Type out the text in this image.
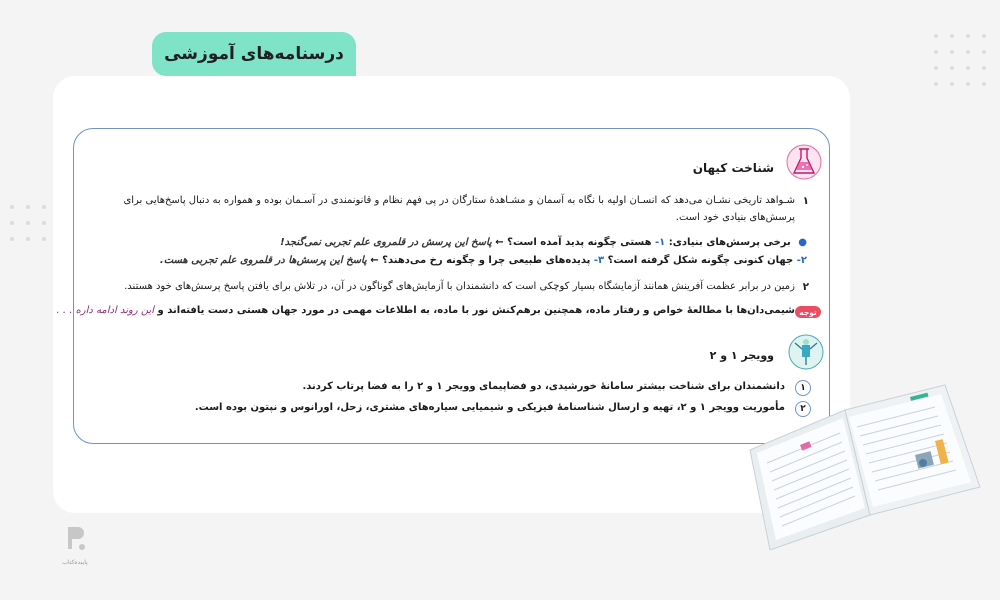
درسنامه‌های آموزشی
شناخت کیهان
۱
شـواهد تاریخی نشـان می‌دهد که انسـان اولیه با نگاه به آسمان و مشـاهدهٔ ستارگان در پی فهم نظام و قانونمندی در آسـمان بوده و همواره به دنبال پاسخ‌هایی برای
پرسش‌های بنیادی خود است.
● برخی پرسش‌های بنیادی: ۱- هستی چگونه پدید آمده است؟ ← پاسخ این پرسش در قلمروی علم تجربی نمی‌گنجد!
۲- جهان کنونی چگونه شکل گرفته است؟ ۳- پدیده‌های طبیعی چرا و چگونه رخ می‌دهند؟ ← پاسخ این پرسش‌ها در قلمروی علم تجربی هست.
۲
زمین در برابر عظمت آفرینش همانند آزمایشگاه بسیار کوچکی است که دانشمندان با آزمایش‌های گوناگون در آن، در تلاش برای یافتن پاسخ پرسش‌های خود هستند.
توجه
شیمی‌دان‌ها با مطالعهٔ خواص و رفتار ماده، همچنین برهم‌کنش نور با ماده، به اطلاعات مهمی در مورد جهان هستی دست یافته‌اند و این روند ادامه داره . . .
وویجر ۱ و ۲
۱
دانشمندان برای شناخت بیشتر سامانهٔ خورشیدی، دو فضاپیمای وویجر ۱ و ۲ را به فضا پرتاب کردند.
۲
مأموریت وویجر ۱ و ۲، تهیه و ارسال شناسنامهٔ فیزیکی و شیمیایی سیاره‌های مشتری، زحل، اورانوس و نپتون بوده است.
پاینده‌کتاب
